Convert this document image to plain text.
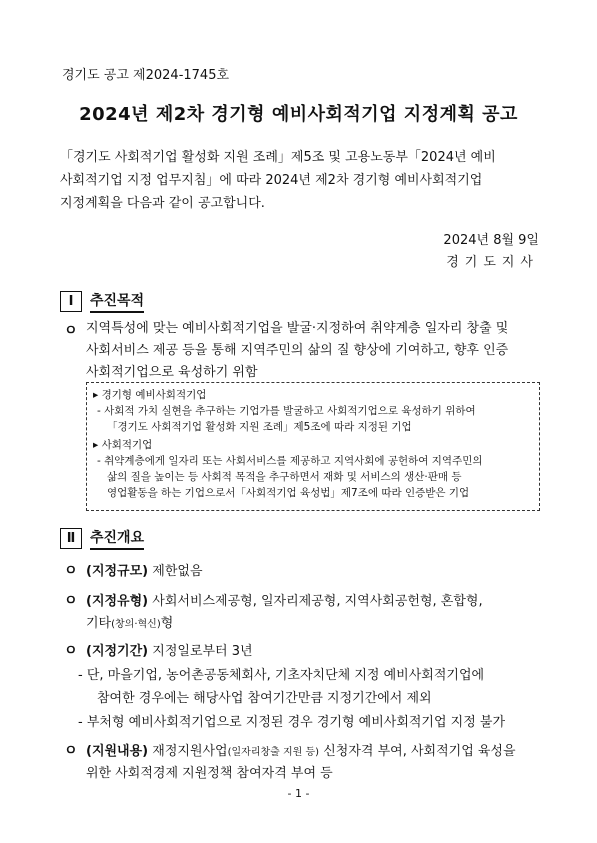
경기도 공고 제2024-1745호
2024년 제2차 경기형 예비사회적기업 지정계획 공고
「경기도 사회적기업 활성화 지원 조례」제5조 및 고용노동부「2024년 예비
사회적기업 지정 업무지침」에 따라 2024년 제2차 경기형 예비사회적기업
지정계획을 다음과 같이 공고합니다.
2024년 8월 9일
경기도지사
Ⅰ	추진목적
ㅇ 지역특성에 맞는 예비사회적기업을 발굴·지정하여 취약계층 일자리 창출 및
사회서비스 제공 등을 통해 지역주민의 삶의 질 향상에 기여하고, 향후 인증
사회적기업으로 육성하기 위함
▸ 경기형 예비사회적기업
- 사회적 가치 실현을 추구하는 기업가를 발굴하고 사회적기업으로 육성하기 위하여
「경기도 사회적기업 활성화 지원 조례」제5조에 따라 지정된 기업
▸ 사회적기업
- 취약계층에게 일자리 또는 사회서비스를 제공하고 지역사회에 공헌하여 지역주민의
삶의 질을 높이는 등 사회적 목적을 추구하면서 재화 및 서비스의 생산·판매 등
영업활동을 하는 기업으로서「사회적기업 육성법」제7조에 따라 인증받은 기업
Ⅱ	추진개요
ㅇ (지정규모) 제한없음
ㅇ (지정유형) 사회서비스제공형, 일자리제공형, 지역사회공헌형, 혼합형,
기타(창의·혁신)형
ㅇ (지정기간) 지정일로부터 3년
- 단, 마을기업, 농어촌공동체회사, 기초자치단체 지정 예비사회적기업에
참여한 경우에는 해당사업 참여기간만큼 지정기간에서 제외
- 부처형 예비사회적기업으로 지정된 경우 경기형 예비사회적기업 지정 불가
ㅇ (지원내용) 재정지원사업(일자리창출 지원 등) 신청자격 부여, 사회적기업 육성을
위한 사회적경제 지원정책 참여자격 부여 등
- 1 -
